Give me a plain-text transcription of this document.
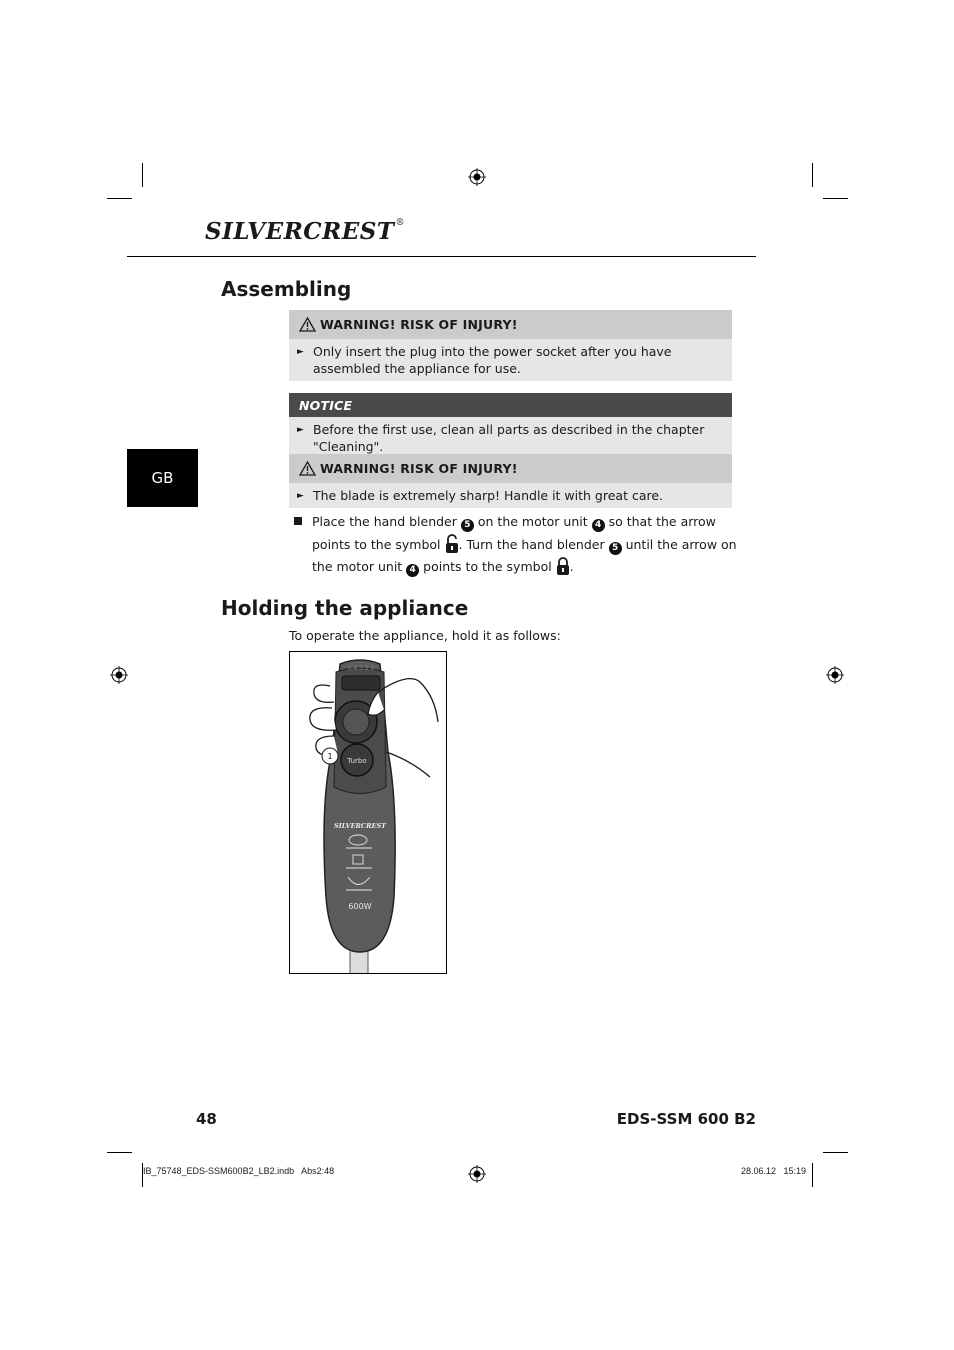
SILVERCREST®
Assembling
WARNING! RISK OF INJURY!
► Only insert the plug into the power socket after you have assembled the appliance for use.
NOTICE
► Before the first use, clean all parts as described in the chapter "Cleaning".
GB
WARNING! RISK OF INJURY!
► The blade is extremely sharp! Handle it with great care.
Place the hand blender 5 on the motor unit 4 so that the arrow points to the symbol . Turn the hand blender 5 until the arrow on the motor unit 4 points to the symbol .
Holding the appliance
To operate the appliance, hold it as follows:
5 4 3 2 1
Turbo
1
SILVERCREST
600W
48	EDS-SSM 600 B2
IB_75748_EDS-SSM600B2_LB2.indb   Abs2:48	28.06.12   15:19
